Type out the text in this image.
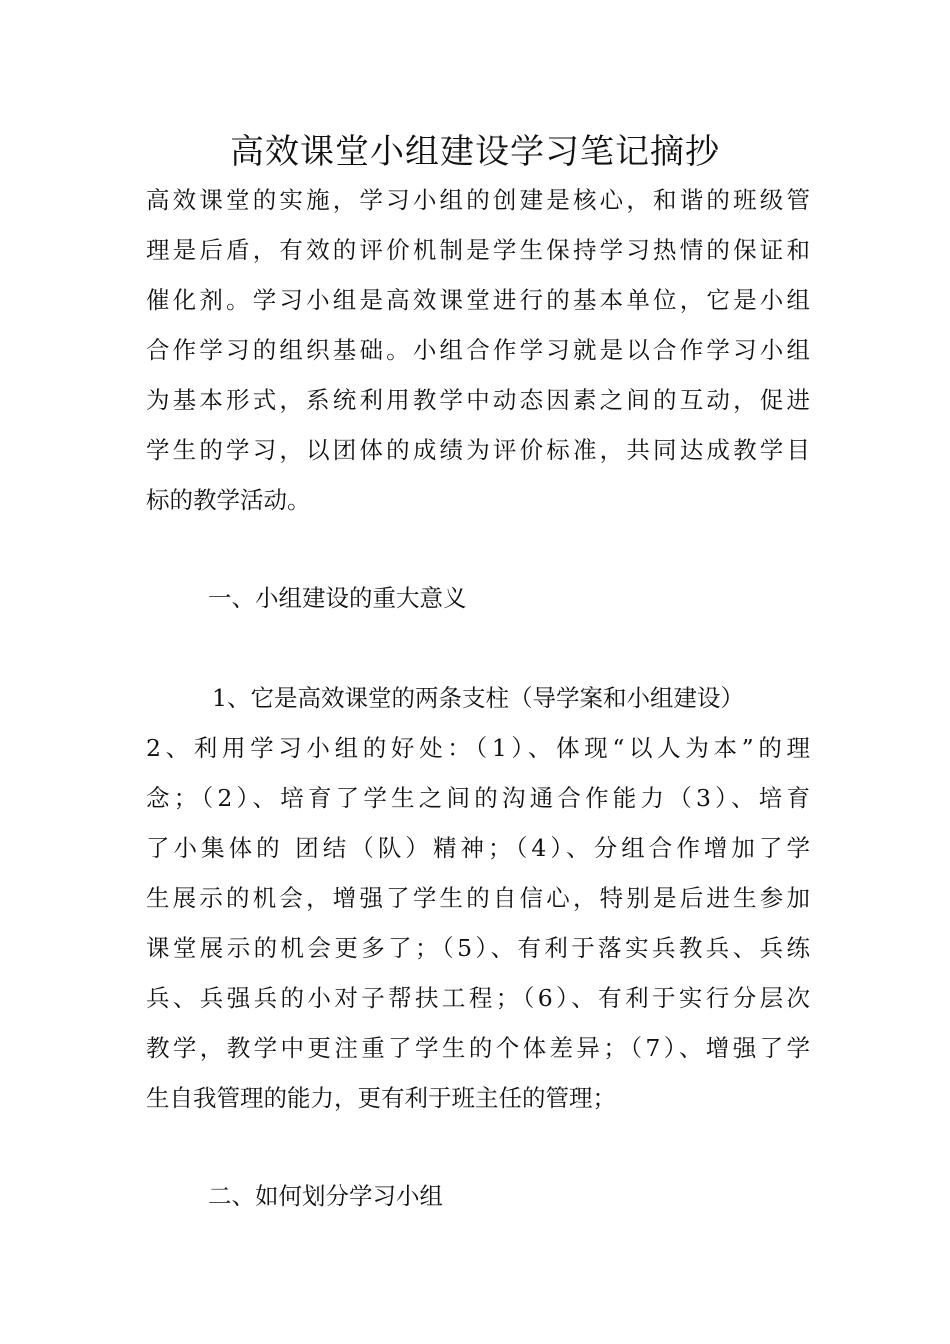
高效课堂小组建设学习笔记摘抄
高效课堂的实施，学习小组的创建是核心，和谐的班级管
理是后盾，有效的评价机制是学生保持学习热情的保证和
催化剂。学习小组是高效课堂进行的基本单位，它是小组
合作学习的组织基础。小组合作学习就是以合作学习小组
为基本形式，系统利用教学中动态因素之间的互动，促进
学生的学习，以团体的成绩为评价标准，共同达成教学目
标的教学活动。
一、小组建设的重大意义
1、它是高效课堂的两条支柱（导学案和小组建设）
2、利用学习小组的好处：（1）、体现“以人为本”的理
念；（2）、培育了学生之间的沟通合作能力（3）、培育
了小集体的 团结（队）精神；（4）、分组合作增加了学
生展示的机会，增强了学生的自信心，特别是后进生参加
课堂展示的机会更多了；（5）、有利于落实兵教兵、兵练
兵、兵强兵的小对子帮扶工程；（6）、有利于实行分层次
教学，教学中更注重了学生的个体差异；（7）、增强了学
生自我管理的能力，更有利于班主任的管理；
二、如何划分学习小组
